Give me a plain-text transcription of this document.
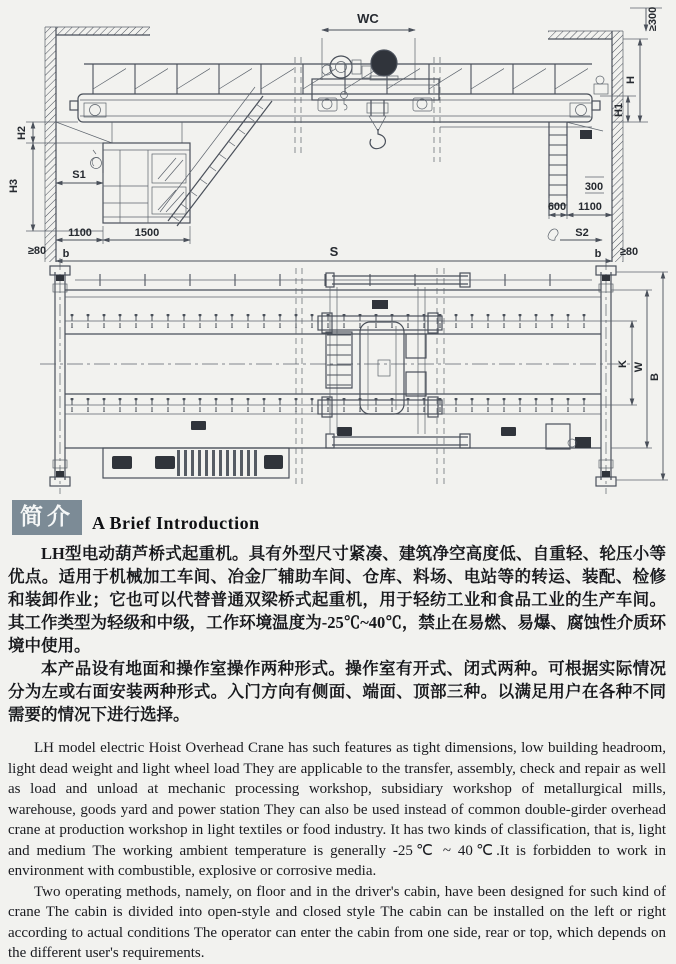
WC
H2
H3
S1
1100	1500
≥80 b	S
≥300
H
H1
300
600 1100
S2
b ≥80
K W
B
简介	A Brief Introduction

LH型电动葫芦桥式起重机。具有外型尺寸紧凑、建筑净空高度低、自重轻、轮压小等优点。适用于机械加工车间、冶金厂辅助车间、仓库、料场、电站等的转运、装配、检修和装卸作业；它也可以代替普通双梁桥式起重机，用于轻纺工业和食品工业的生产车间。其工作类型为轻级和中级，工作环境温度为-25℃~40℃，禁止在易燃、易爆、腐蚀性介质环境中使用。

本产品设有地面和操作室操作两种形式。操作室有开式、闭式两种。可根据实际情况分为左或右面安装两种形式。入门方向有侧面、端面、顶部三种。以满足用户在各种不同需要的情况下进行选择。

LH model electric Hoist Overhead Crane has such features as tight dimensions, low building headroom, light dead weight and light wheel load They are applicable to the transfer, assembly, check and repair as well as load and unload at mechanic processing workshop, subsidiary workshop of metallurgical mills, warehouse, goods yard and power station They can also be used instead of common double-girder overhead crane at production workshop in light textiles or food industry. It has two kinds of classification, that is, light and medium The working ambient temperature is generally -25℃ ~ 40℃.It is forbidden to work in environment with combustible, explosive or corrosive media.

Two operating methods, namely, on floor and in the driver's cabin, have been designed for such kind of crane The cabin is divided into open-style and closed style The cabin can be installed on the left or right according to actual conditions The operator can enter the cabin from one side, rear or top, which depends on the different user's requirements.
